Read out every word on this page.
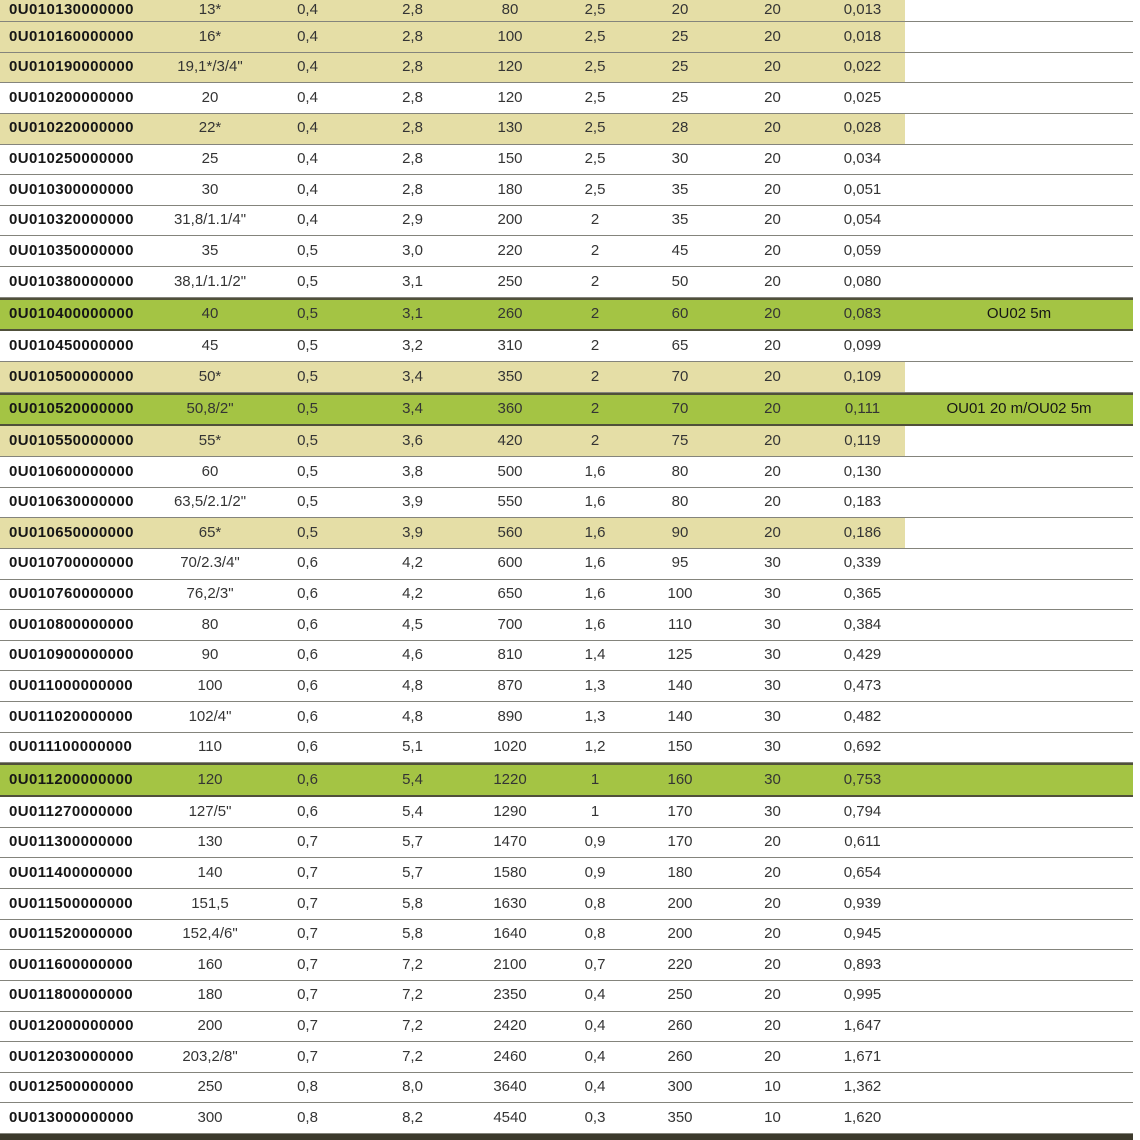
0U010130000000	13*	0,4	2,8	80	2,5	20	20	0,013
0U010160000000	16*	0,4	2,8	100	2,5	25	20	0,018
0U010190000000	19,1*/3/4"	0,4	2,8	120	2,5	25	20	0,022
0U010200000000	20	0,4	2,8	120	2,5	25	20	0,025
0U010220000000	22*	0,4	2,8	130	2,5	28	20	0,028
0U010250000000	25	0,4	2,8	150	2,5	30	20	0,034
0U010300000000	30	0,4	2,8	180	2,5	35	20	0,051
0U010320000000	31,8/1.1/4"	0,4	2,9	200	2	35	20	0,054
0U010350000000	35	0,5	3,0	220	2	45	20	0,059
0U010380000000	38,1/1.1/2"	0,5	3,1	250	2	50	20	0,080
0U010400000000	40	0,5	3,1	260	2	60	20	0,083	OU02 5m
0U010450000000	45	0,5	3,2	310	2	65	20	0,099
0U010500000000	50*	0,5	3,4	350	2	70	20	0,109
0U010520000000	50,8/2"	0,5	3,4	360	2	70	20	0,111	OU01 20 m/OU02 5m
0U010550000000	55*	0,5	3,6	420	2	75	20	0,119
0U010600000000	60	0,5	3,8	500	1,6	80	20	0,130
0U010630000000	63,5/2.1/2"	0,5	3,9	550	1,6	80	20	0,183
0U010650000000	65*	0,5	3,9	560	1,6	90	20	0,186
0U010700000000	70/2.3/4"	0,6	4,2	600	1,6	95	30	0,339
0U010760000000	76,2/3"	0,6	4,2	650	1,6	100	30	0,365
0U010800000000	80	0,6	4,5	700	1,6	110	30	0,384
0U010900000000	90	0,6	4,6	810	1,4	125	30	0,429
0U011000000000	100	0,6	4,8	870	1,3	140	30	0,473
0U011020000000	102/4"	0,6	4,8	890	1,3	140	30	0,482
0U011100000000	110	0,6	5,1	1020	1,2	150	30	0,692
0U011200000000	120	0,6	5,4	1220	1	160	30	0,753
0U011270000000	127/5"	0,6	5,4	1290	1	170	30	0,794
0U011300000000	130	0,7	5,7	1470	0,9	170	20	0,611
0U011400000000	140	0,7	5,7	1580	0,9	180	20	0,654
0U011500000000	151,5	0,7	5,8	1630	0,8	200	20	0,939
0U011520000000	152,4/6"	0,7	5,8	1640	0,8	200	20	0,945
0U011600000000	160	0,7	7,2	2100	0,7	220	20	0,893
0U011800000000	180	0,7	7,2	2350	0,4	250	20	0,995
0U012000000000	200	0,7	7,2	2420	0,4	260	20	1,647
0U012030000000	203,2/8"	0,7	7,2	2460	0,4	260	20	1,671
0U012500000000	250	0,8	8,0	3640	0,4	300	10	1,362
0U013000000000	300	0,8	8,2	4540	0,3	350	10	1,620
